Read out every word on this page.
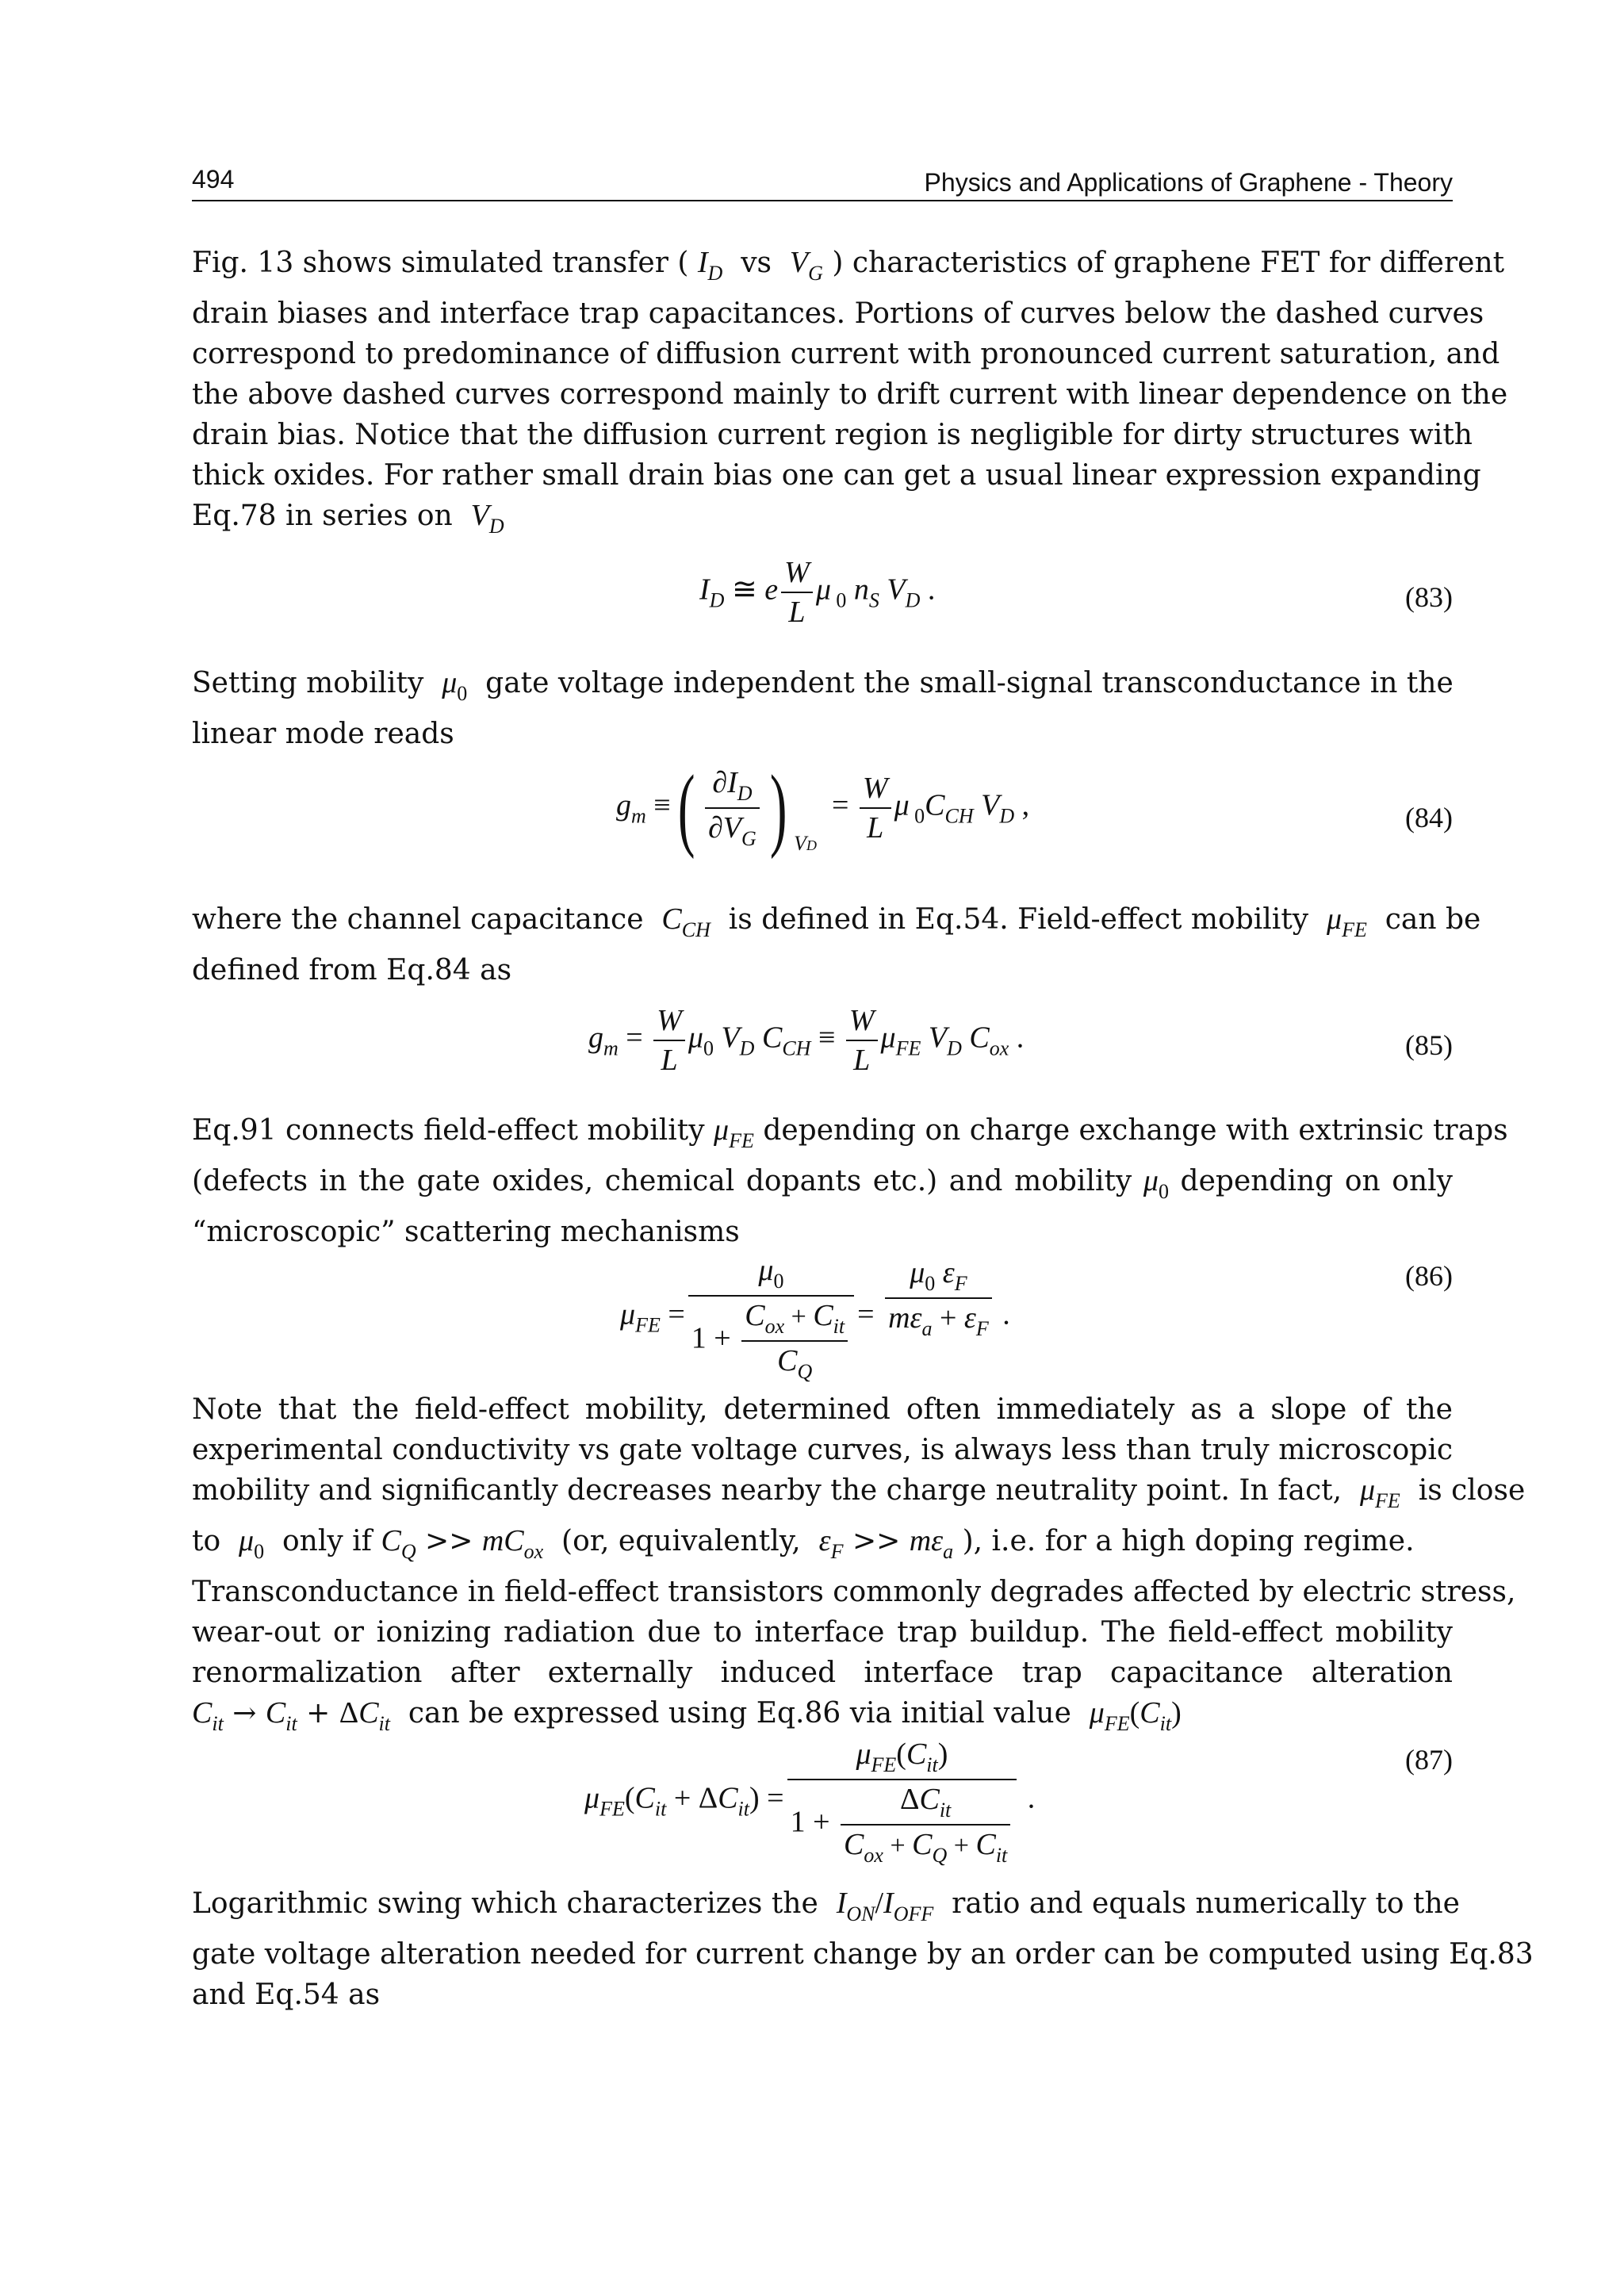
494	Physics and Applications of Graphene - Theory
Fig. 13 shows simulated transfer ( $I_D$ vs $V_G$ ) characteristics of graphene FET for different
drain biases and interface trap capacitances. Portions of curves below the dashed curves
correspond to predominance of diffusion current with pronounced current saturation, and
the above dashed curves correspond mainly to drift current with linear dependence on the
drain bias. Notice that the diffusion current region is negligible for dirty structures with
thick oxides. For rather small drain bias one can get a usual linear expression expanding
Eq.78 in series on $V_D$
$I_D$ ≅ e $\frac{W}{L}$ μ $_0$ $n_S$ $V_D$ .	(83)
Setting mobility $\mu_0$ gate voltage independent the small-signal transconductance in the
linear mode reads
$g_m$ ≡( $\frac{\partial I_D}{\partial V_G}$ ) $_{VD} = \frac{W}{L}$ μ $_0C_{CH}$ $V_D$ ,	(84)
where the channel capacitance $C_{CH}$ is defined in Eq.54. Field-effect mobility $\mu_{FE}$ can be
defined from Eq.84 as
$g_m = \frac{W}{L} \mu_0$ $V_D$ $C_{CH} \equiv \frac{W}{L} \mu_{FE}$ $V_D$ $C_{ox}$ .	(85)
Eq.91 connects field-effect mobility $\mu_{FE}$ depending on charge exchange with extrinsic traps
(defects in the gate oxides, chemical dopants etc.) and mobility $\mu_0$ depending on only
“microscopic” scattering mechanisms
$\mu_{FE} = \frac{\mu_0}{1 + \frac{C_{ox} + C_{it}}{C_Q}} = \frac{\mu_0 \varepsilon_F}{m\varepsilon_a + \varepsilon_F}$ .
(86)
Note that the field-effect mobility, determined often immediately as a slope of the
experimental conductivity vs gate voltage curves, is always less than truly microscopic
mobility and significantly decreases nearby the charge neutrality point. In fact, $\mu_{FE}$ is close
to $\mu_0$ only if $C_Q >> mC_{ox}$ (or, equivalently, $\varepsilon_F >> m\varepsilon_a$ ), i.e. for a high doping regime.
Transconductance in field-effect transistors commonly degrades affected by electric stress,
wear-out or ionizing radiation due to interface trap buildup. The field-effect mobility
renormalization after externally induced interface trap capacitance alteration
$C_{it} \to C_{it} + \Delta C_{it}$ can be expressed using Eq.86 via initial value $\mu_{FE}(C_{it})$
$\mu_{FE}(C_{it} + \Delta C_{it}) = \frac{\mu_{FE}(C_{it})}{1 + \frac{\Delta C_{it}}{C_{ox} + C_Q + C_{it}}}$ .
(87)
Logarithmic swing which characterizes the $I_{ON}/I_{OFF}$ ratio and equals numerically to the
gate voltage alteration needed for current change by an order can be computed using Eq.83
and Eq.54 as
